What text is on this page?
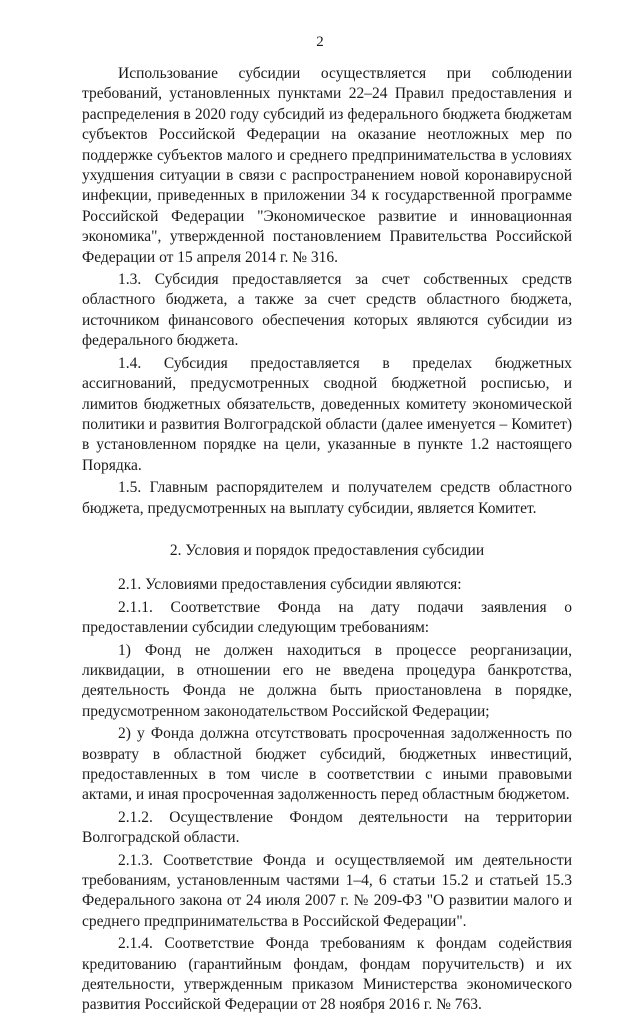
2

Использование субсидии осуществляется при соблюдении требований, установленных пунктами 22–24 Правил предоставления и распределения в 2020 году субсидий из федерального бюджета бюджетам субъектов Российской Федерации на оказание неотложных мер по поддержке субъектов малого и среднего предпринимательства в условиях ухудшения ситуации в связи с распространением новой коронавирусной инфекции, приведенных в приложении 34 к государственной программе Российской Федерации "Экономическое развитие и инновационная экономика", утвержденной постановлением Правительства Российской Федерации от 15 апреля 2014 г. № 316.

1.3. Субсидия предоставляется за счет собственных средств областного бюджета, а также за счет средств областного бюджета, источником финансового обеспечения которых являются субсидии из федерального бюджета.

1.4. Субсидия предоставляется в пределах бюджетных ассигнований, предусмотренных сводной бюджетной росписью, и лимитов бюджетных обязательств, доведенных комитету экономической политики и развития Волгоградской области (далее именуется – Комитет) в установленном порядке на цели, указанные в пункте 1.2 настоящего Порядка.

1.5. Главным распорядителем и получателем средств областного бюджета, предусмотренных на выплату субсидии, является Комитет.

2. Условия и порядок предоставления субсидии

2.1. Условиями предоставления субсидии являются:

2.1.1. Соответствие Фонда на дату подачи заявления о предоставлении субсидии следующим требованиям:

1) Фонд не должен находиться в процессе реорганизации, ликвидации, в отношении его не введена процедура банкротства, деятельность Фонда не должна быть приостановлена в порядке, предусмотренном законодательством Российской Федерации;

2) у Фонда должна отсутствовать просроченная задолженность по возврату в областной бюджет субсидий, бюджетных инвестиций, предоставленных в том числе в соответствии с иными правовыми актами, и иная просроченная задолженность перед областным бюджетом.

2.1.2. Осуществление Фондом деятельности на территории Волгоградской области.

2.1.3. Соответствие Фонда и осуществляемой им деятельности требованиям, установленным частями 1–4, 6 статьи 15.2 и статьей 15.3 Федерального закона от 24 июля 2007 г. № 209-ФЗ "О развитии малого и среднего предпринимательства в Российской Федерации".

2.1.4. Соответствие Фонда требованиям к фондам содействия кредитованию (гарантийным фондам, фондам поручительств) и их деятельности, утвержденным приказом Министерства экономического развития Российской Федерации от 28 ноября 2016 г. № 763.
